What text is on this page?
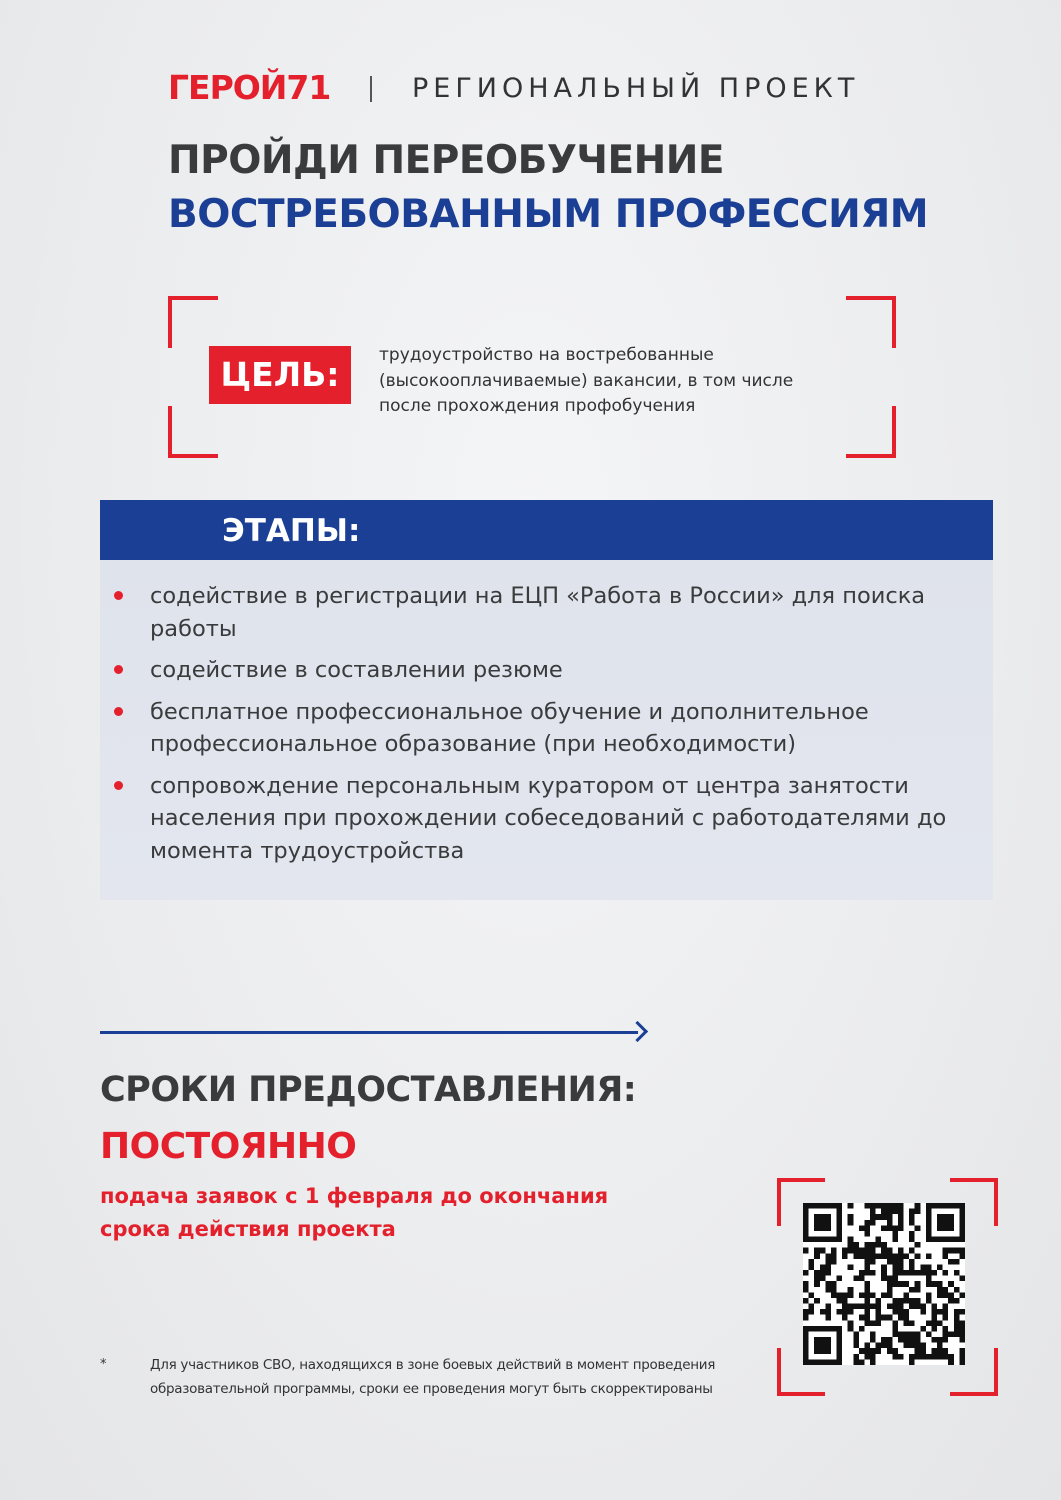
ГЕРОЙ71	РЕГИОНАЛЬНЫЙ ПРОЕКТ
ПРОЙДИ ПЕРЕОБУЧЕНИЕ
ВОСТРЕБОВАННЫМ ПРОФЕССИЯМ
ЦЕЛЬ:	трудоустройство на востребованные
(высокооплачиваемые) вакансии, в том числе
после прохождения профобучения
ЭТАПЫ:
содействие в регистрации на ЕЦП «Работа в России» для поиска работы
содействие в составлении резюме
бесплатное профессиональное обучение и дополнительное профессиональное образование (при необходимости)
сопровождение персональным куратором от центра занятости населения при прохождении собеседований с работодателями до момента трудоустройства
СРОКИ ПРЕДОСТАВЛЕНИЯ:
ПОСТОЯННО
подача заявок с 1 февраля до окончания
срока действия проекта
*	Для участников СВО, находящихся в зоне боевых действий в момент проведения
образовательной программы, сроки ее проведения могут быть скорректированы
